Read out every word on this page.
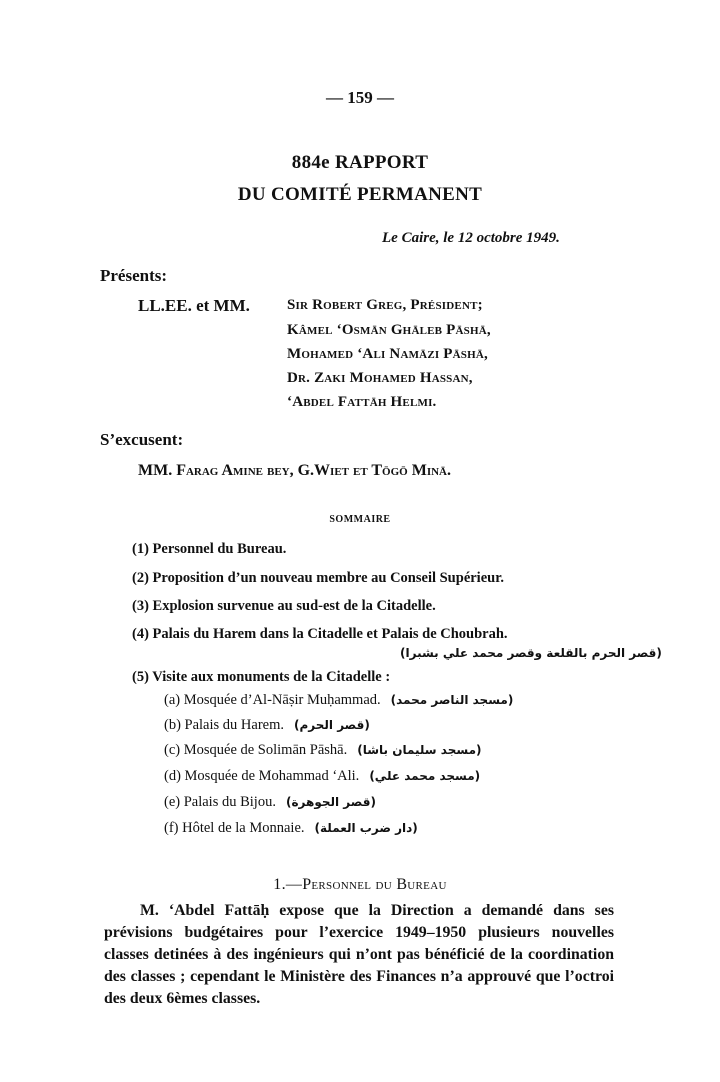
— 159 —
884e RAPPORT
DU COMITÉ PERMANENT
Le Caire, le 12 octobre 1949.
Présents:
LL.EE. et MM. Sir Robert Greg, Président;
Kâmel ‘Osmān Ghāleb Pāshā,
Mohamed ‘Ali Namāzi Pāshā,
Dr. Zaki Mohamed Hassan,
‘Abdel Fattāh Helmi.
S’excusent:
MM. Farag Amine bey, G.Wiet et Tōgō Minā.
SOMMAIRE
(1) Personnel du Bureau.
(2) Proposition d’un nouveau membre au Conseil Supérieur.
(3) Explosion survenue au sud-est de la Citadelle.
(4) Palais du Harem dans la Citadelle et Palais de Choubrah.
(قصر الحرم بالقلعة وقصر محمد علي بشبرا)
(5) Visite aux monuments de la Citadelle :
(a) Mosquée d’Al-Nāṣir Muḥammad. (مسجد الناصر محمد)
(b) Palais du Harem. (قصر الحرم)
(c) Mosquée de Solimān Pāshā. (مسجد سليمان باشا)
(d) Mosquée de Mohammad ‘Ali. (مسجد محمد علي)
(e) Palais du Bijou. (قصر الجوهرة)
(f) Hôtel de la Monnaie. (دار ضرب العملة)
1.—Personnel du Bureau

M. ‘Abdel Fattāḥ expose que la Direction a demandé dans ses prévisions budgétaires pour l’exercice 1949–1950 plusieurs nouvelles classes detinées à des ingénieurs qui n’ont pas bénéficié de la coordination des classes ; cependant le Ministère des Finances n’a approuvé que l’octroi des deux 6èmes classes.
